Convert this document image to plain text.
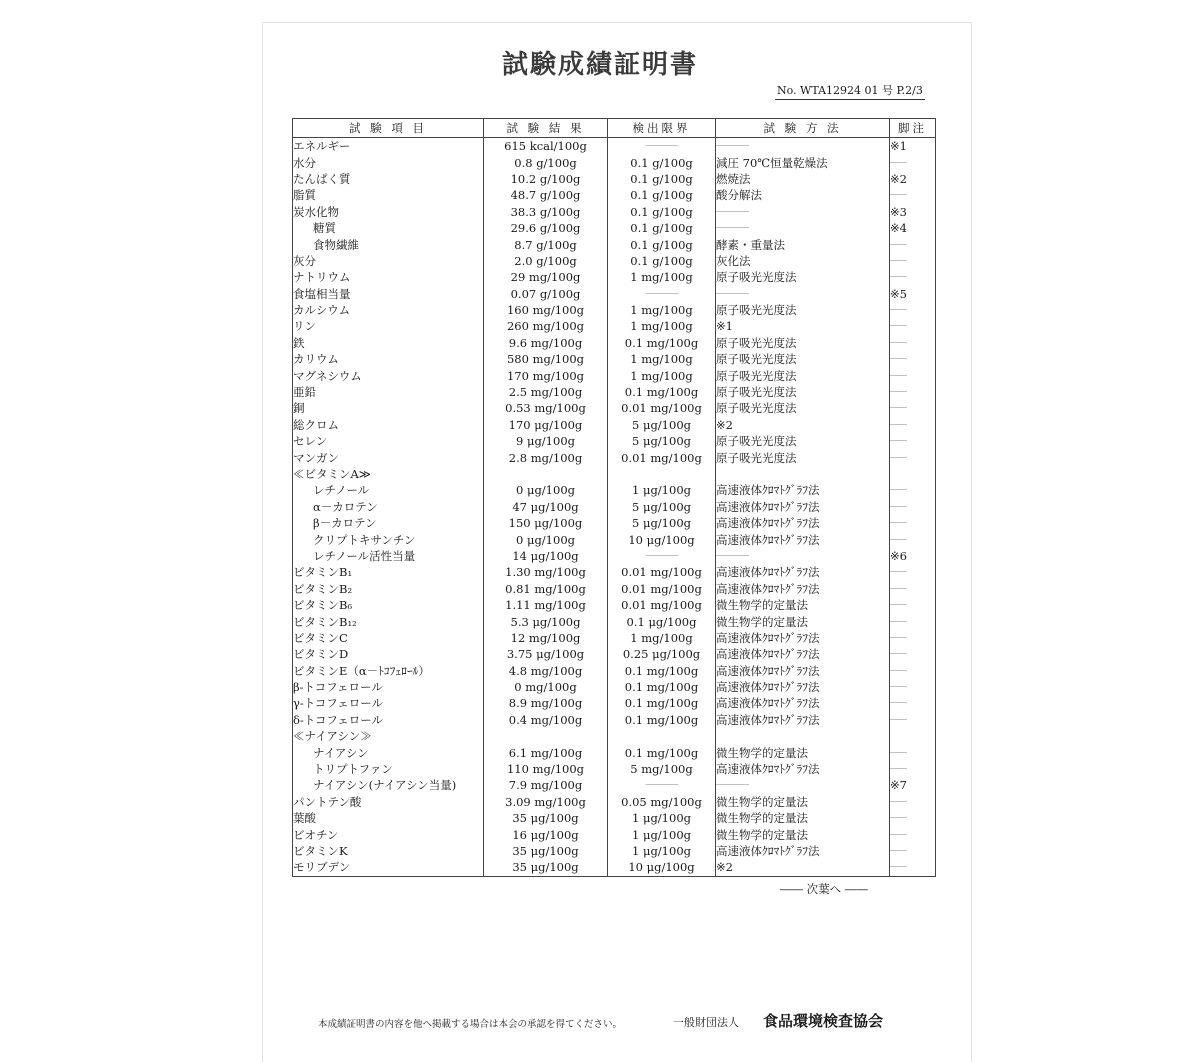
試験成績証明書
No. WTA12924 01 号 P.2/3
試 験 項 目	試 験 結 果	検出限界	試 験 方 法	脚注
エネルギー	615 kcal/100g	――――	――――	※1
水分	0.8 g/100g	0.1 g/100g	減圧 70℃恒量乾燥法	――
たんぱく質	10.2 g/100g	0.1 g/100g	燃焼法	※2
脂質	48.7 g/100g	0.1 g/100g	酸分解法	――
炭水化物	38.3 g/100g	0.1 g/100g	――――	※3
糖質	29.6 g/100g	0.1 g/100g	――――	※4
食物繊維	8.7 g/100g	0.1 g/100g	酵素・重量法	――
灰分	2.0 g/100g	0.1 g/100g	灰化法	――
ナトリウム	29 mg/100g	1 mg/100g	原子吸光光度法	――
食塩相当量	0.07 g/100g	――――	――――	※5
カルシウム	160 mg/100g	1 mg/100g	原子吸光光度法	――
リン	260 mg/100g	1 mg/100g	※1	――
鉄	9.6 mg/100g	0.1 mg/100g	原子吸光光度法	――
カリウム	580 mg/100g	1 mg/100g	原子吸光光度法	――
マグネシウム	170 mg/100g	1 mg/100g	原子吸光光度法	――
亜鉛	2.5 mg/100g	0.1 mg/100g	原子吸光光度法	――
銅	0.53 mg/100g	0.01 mg/100g	原子吸光光度法	――
総クロム	170 μg/100g	5 μg/100g	※2	――
セレン	9 μg/100g	5 μg/100g	原子吸光光度法	――
マンガン	2.8 mg/100g	0.01 mg/100g	原子吸光光度法	――
≪ビタミンA≫				
レチノール	0 μg/100g	1 μg/100g	高速液体ｸﾛﾏﾄｸﾞﾗﾌ法	――
α－カロテン	47 μg/100g	5 μg/100g	高速液体ｸﾛﾏﾄｸﾞﾗﾌ法	――
β－カロテン	150 μg/100g	5 μg/100g	高速液体ｸﾛﾏﾄｸﾞﾗﾌ法	――
クリプトキサンチン	0 μg/100g	10 μg/100g	高速液体ｸﾛﾏﾄｸﾞﾗﾌ法	――
レチノール活性当量	14 μg/100g	――――	――――	※6
ビタミンB₁	1.30 mg/100g	0.01 mg/100g	高速液体ｸﾛﾏﾄｸﾞﾗﾌ法	――
ビタミンB₂	0.81 mg/100g	0.01 mg/100g	高速液体ｸﾛﾏﾄｸﾞﾗﾌ法	――
ビタミンB₆	1.11 mg/100g	0.01 mg/100g	微生物学的定量法	――
ビタミンB₁₂	5.3 μg/100g	0.1 μg/100g	微生物学的定量法	――
ビタミンC	12 mg/100g	1 mg/100g	高速液体ｸﾛﾏﾄｸﾞﾗﾌ法	――
ビタミンD	3.75 μg/100g	0.25 μg/100g	高速液体ｸﾛﾏﾄｸﾞﾗﾌ法	――
ビタミンE（α－ﾄｺﾌｪﾛｰﾙ）	4.8 mg/100g	0.1 mg/100g	高速液体ｸﾛﾏﾄｸﾞﾗﾌ法	――
β-トコフェロール	0 mg/100g	0.1 mg/100g	高速液体ｸﾛﾏﾄｸﾞﾗﾌ法	――
γ-トコフェロール	8.9 mg/100g	0.1 mg/100g	高速液体ｸﾛﾏﾄｸﾞﾗﾌ法	――
δ-トコフェロール	0.4 mg/100g	0.1 mg/100g	高速液体ｸﾛﾏﾄｸﾞﾗﾌ法	――
≪ナイアシン≫				
ナイアシン	6.1 mg/100g	0.1 mg/100g	微生物学的定量法	――
トリプトファン	110 mg/100g	5 mg/100g	高速液体ｸﾛﾏﾄｸﾞﾗﾌ法	――
ナイアシン(ナイアシン当量)	7.9 mg/100g	――――	――――	※7
パントテン酸	3.09 mg/100g	0.05 mg/100g	微生物学的定量法	――
葉酸	35 μg/100g	1 μg/100g	微生物学的定量法	――
ビオチン	16 μg/100g	1 μg/100g	微生物学的定量法	――
ビタミンK	35 μg/100g	1 μg/100g	高速液体ｸﾛﾏﾄｸﾞﾗﾌ法	――
モリブデン	35 μg/100g	10 μg/100g	※2	――
―― 次葉へ ――
本成績証明書の内容を他へ掲載する場合は本会の承認を得てください。	一般財団法人 食品環境検査協会
